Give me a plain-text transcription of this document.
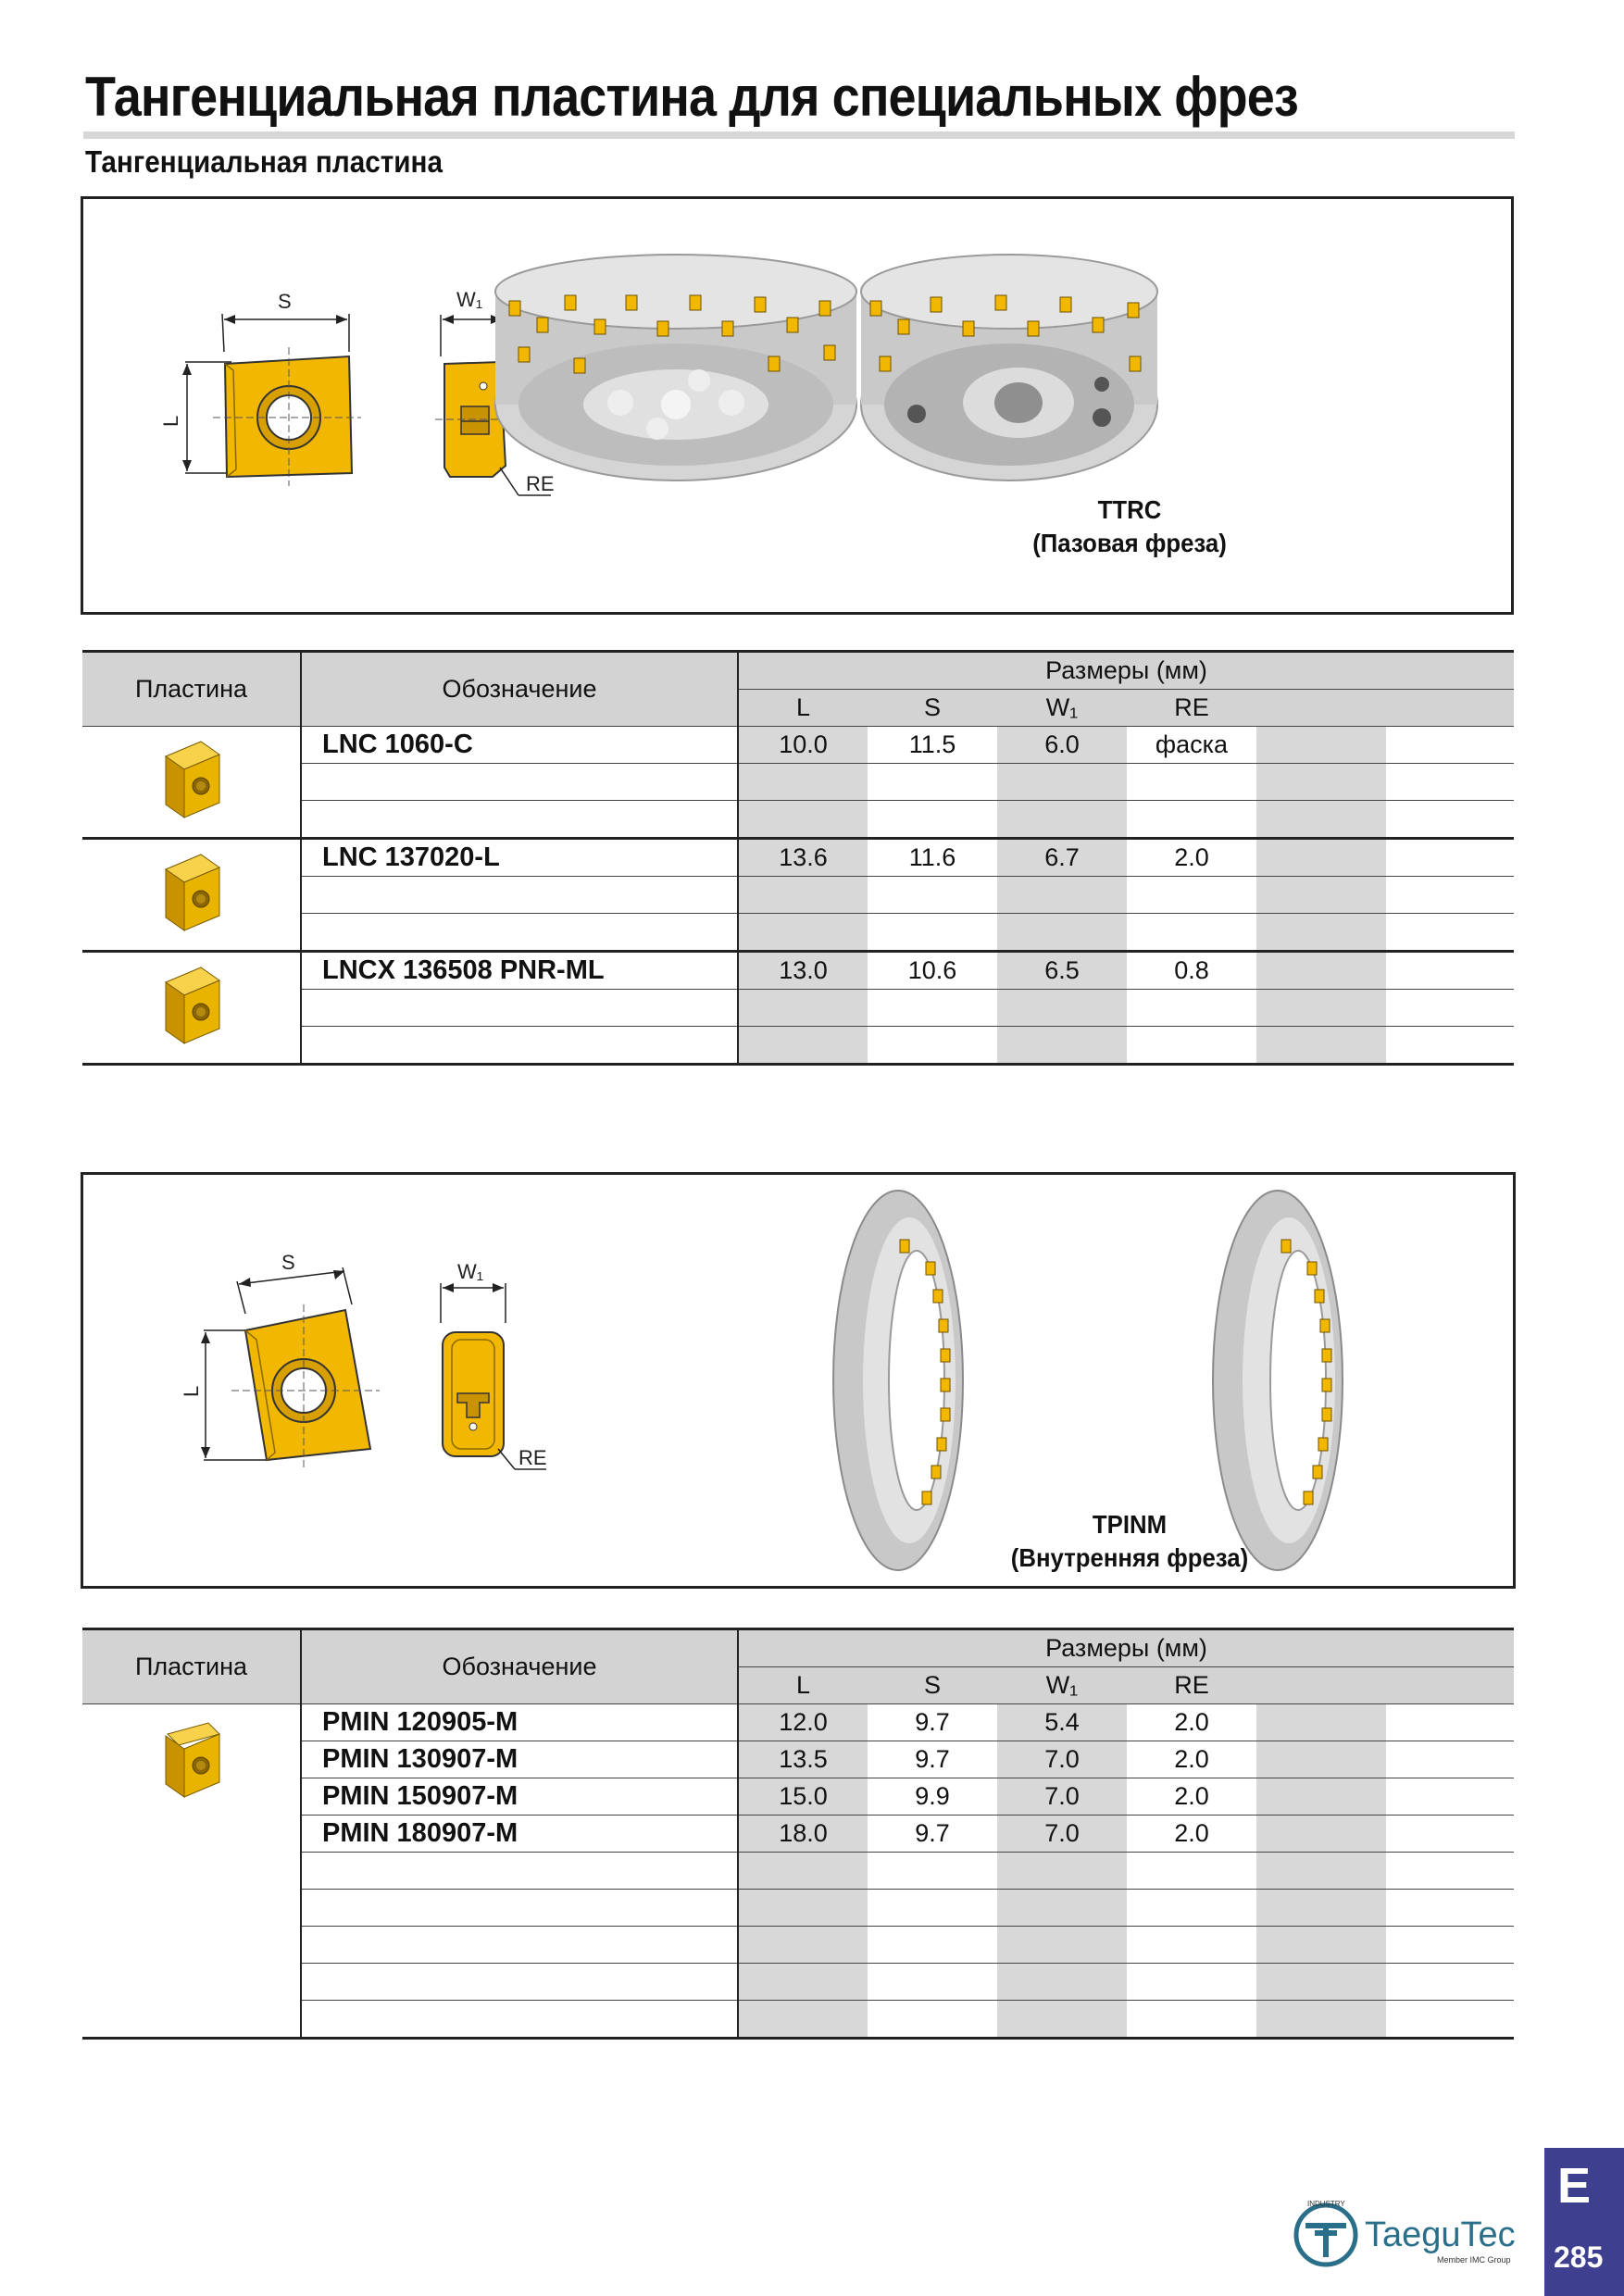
Тангенциальная пластина для специальных фрез
Тангенциальная пластина
S
L
W₁
RE
TTRC
(Пазовая фреза)
Пластина	Обозначение	Размеры (мм)					
		L	S	W₁	RE		

	LNC 1060-C	10.0	11.5	6.0	фаска		

	LNC 137020-L	13.6	11.6	6.7	2.0		

	LNCX 136508 PNR-ML	13.0	10.6	6.5	0.8		

S
L
W₁
RE
TPINM
(Внутренняя фреза)
Пластина	Обозначение	Размеры (мм)					
		L	S	W₁	RE		

	PMIN 120905-M	12.0	9.7	5.4	2.0		
	PMIN 130907-M	13.5	9.7	7.0	2.0		
	PMIN 150907-M	15.0	9.9	7.0	2.0		
	PMIN 180907-M	18.0	9.7	7.0	2.0		

TaeguTec
Member IMC Group
INDUSTRY	E
285
